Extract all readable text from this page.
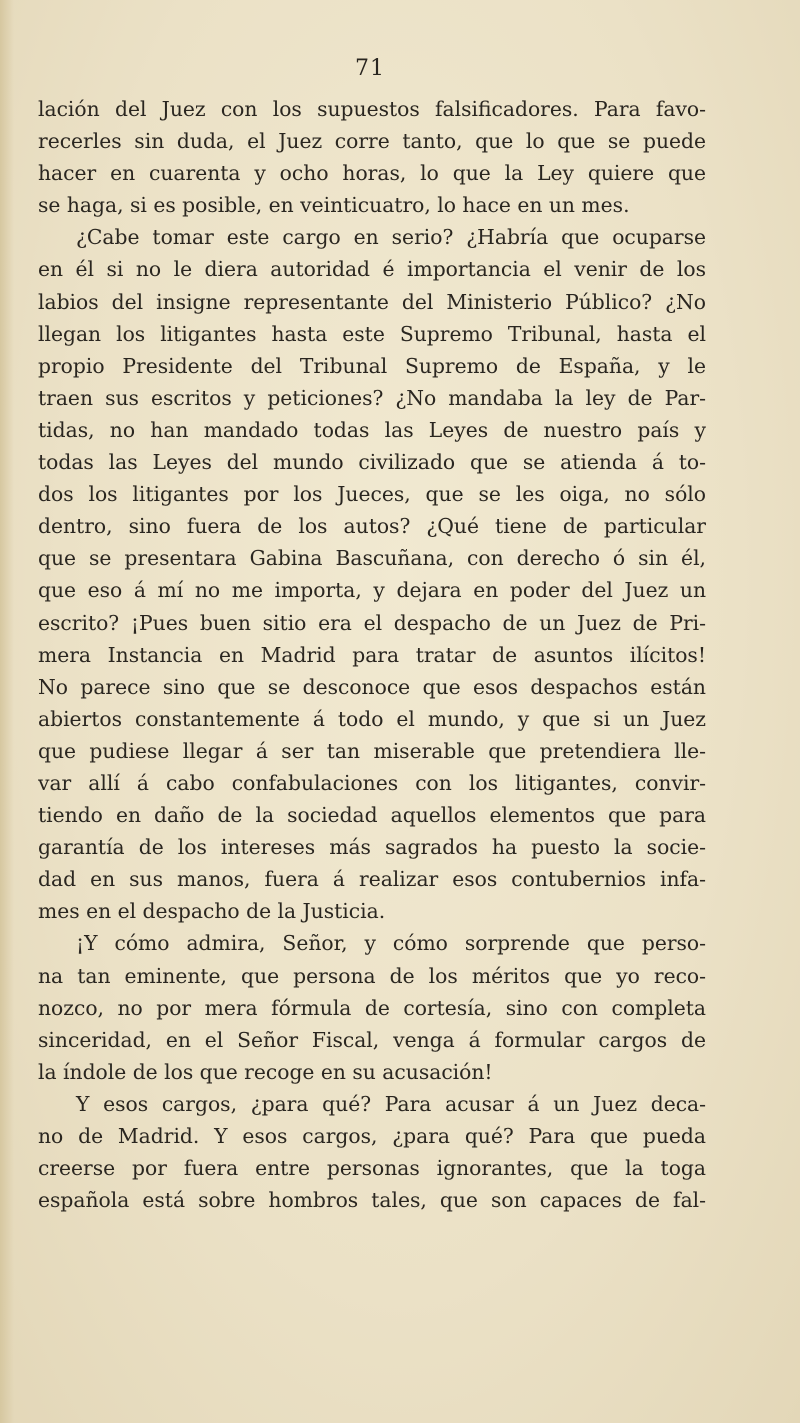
71
lación del Juez con los supuestos falsificadores. Para favo-
recerles sin duda, el Juez corre tanto, que lo que se puede
hacer en cuarenta y ocho horas, lo que la Ley quiere que
se haga, si es posible, en veinticuatro, lo hace en un mes.
¿Cabe tomar este cargo en serio? ¿Habría que ocuparse
en él si no le diera autoridad é importancia el venir de los
labios del insigne representante del Ministerio Público? ¿No
llegan los litigantes hasta este Supremo Tribunal, hasta el
propio Presidente del Tribunal Supremo de España, y le
traen sus escritos y peticiones? ¿No mandaba la ley de Par-
tidas, no han mandado todas las Leyes de nuestro país y
todas las Leyes del mundo civilizado que se atienda á to-
dos los litigantes por los Jueces, que se les oiga, no sólo
dentro, sino fuera de los autos? ¿Qué tiene de particular
que se presentara Gabina Bascuñana, con derecho ó sin él,
que eso á mí no me importa, y dejara en poder del Juez un
escrito? ¡Pues buen sitio era el despacho de un Juez de Pri-
mera Instancia en Madrid para tratar de asuntos ilícitos!
No parece sino que se desconoce que esos despachos están
abiertos constantemente á todo el mundo, y que si un Juez
que pudiese llegar á ser tan miserable que pretendiera lle-
var allí á cabo confabulaciones con los litigantes, convir-
tiendo en daño de la sociedad aquellos elementos que para
garantía de los intereses más sagrados ha puesto la socie-
dad en sus manos, fuera á realizar esos contubernios infa-
mes en el despacho de la Justicia.
¡Y cómo admira, Señor, y cómo sorprende que perso-
na tan eminente, que persona de los méritos que yo reco-
nozco, no por mera fórmula de cortesía, sino con completa
sinceridad, en el Señor Fiscal, venga á formular cargos de
la índole de los que recoge en su acusación!
Y esos cargos, ¿para qué? Para acusar á un Juez deca-
no de Madrid. Y esos cargos, ¿para qué? Para que pueda
creerse por fuera entre personas ignorantes, que la toga
española está sobre hombros tales, que son capaces de fal-
